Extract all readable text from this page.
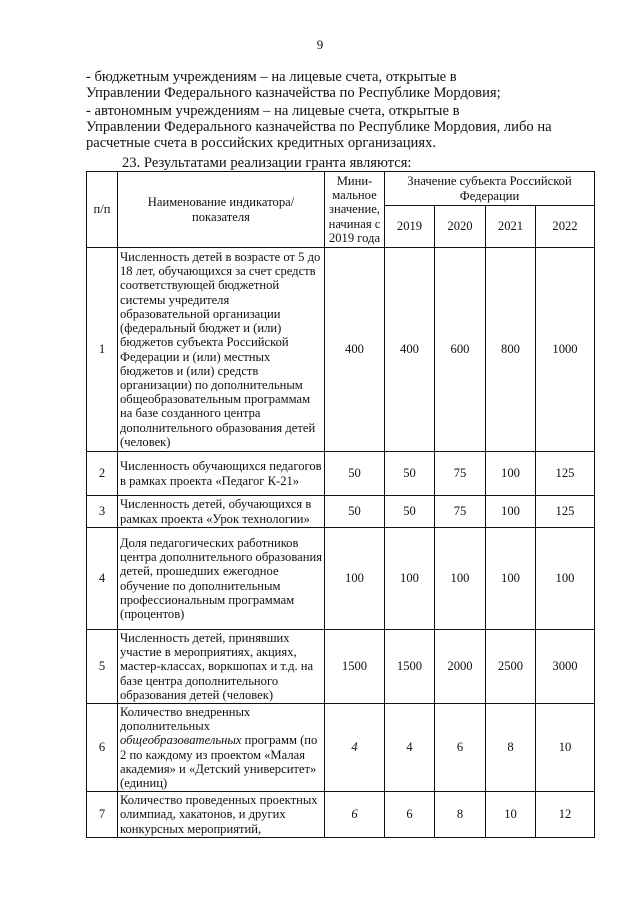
9

- бюджетным учреждениям – на лицевые счета, открытые в

Управлении Федерального казначейства по Республике Мордовия;

- автономным учреждениям – на лицевые счета, открытые в

Управлении Федерального казначейства по Республике Мордовия, либо на

расчетные счета в российских кредитных организациях.

23. Результатами реализации гранта являются:

п/п	Наименование индикатора/показателя	Мини-мальное значение, начиная с 2019 года	Значение субъекта Российской Федерации			
			2019	2020	2021	2022
1	Численность детей в возрасте от 5 до 18 лет, обучающихся за счет средств соответствующей бюджетной системы учредителя образовательной организации (федеральный бюджет и (или) бюджетов субъекта Российской Федерации и (или) местных бюджетов и (или) средств организации) по дополнительным общеобразовательным программам на базе созданного центра дополнительного образования детей (человек)	400	400	600	800	1000
2	Численность обучающихся педагогов в рамках проекта «Педагог К-21»	50	50	75	100	125
3	Численность детей, обучающихся в рамках проекта «Урок технологии»	50	50	75	100	125
4	Доля педагогических работников центра дополнительного образования детей, прошедших ежегодное обучение по дополнительным профессиональным программам (процентов)	100	100	100	100	100
5	Численность детей, принявших участие в мероприятиях, акциях, мастер-классах, воркшопах и т.д. на базе центра дополнительного образования детей (человек)	1500	1500	2000	2500	3000
6	Количество внедренных дополнительных общеобразовательных программ (по 2 по каждому из проектом «Малая академия» и «Детский университет» (единиц)	4	4	6	8	10
7	Количество проведенных проектных олимпиад, хакатонов, и других конкурсных мероприятий,	6	6	8	10	12
